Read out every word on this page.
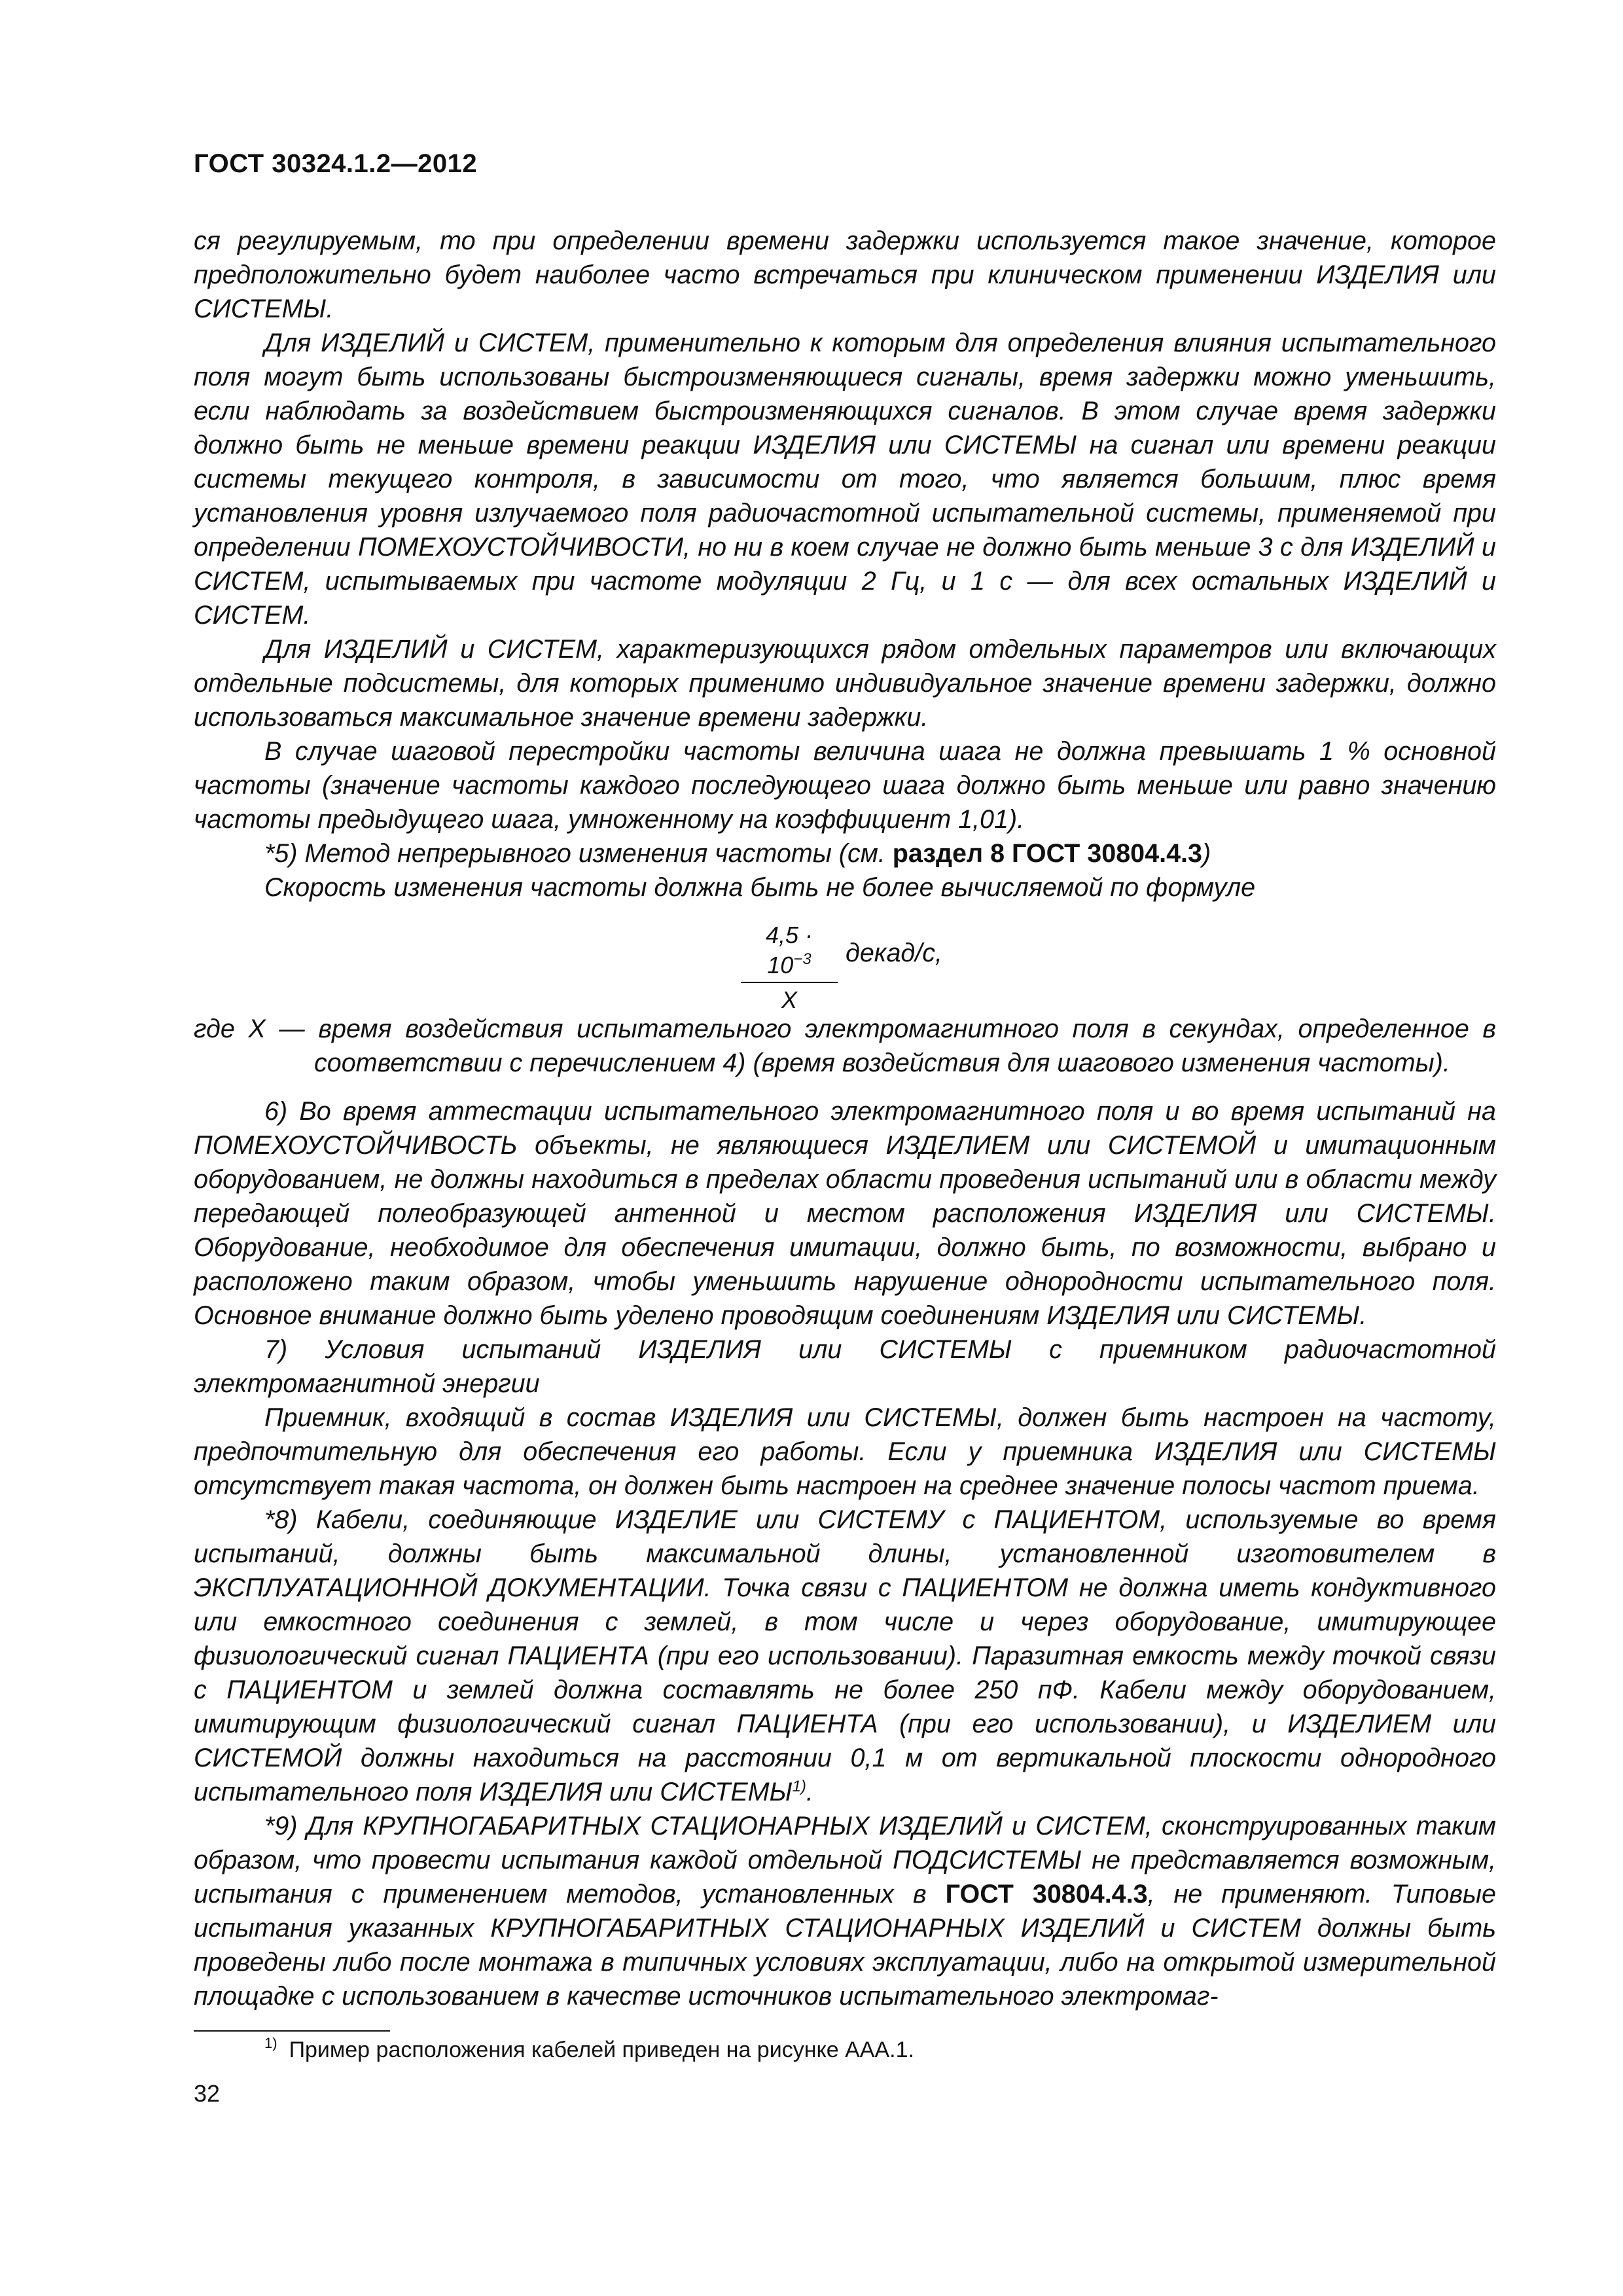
ГОСТ 30324.1.2—2012

ся регулируемым, то при определении времени задержки используется такое значение, которое предположительно будет наиболее часто встречаться при клиническом применении ИЗДЕЛИЯ или СИСТЕМЫ.

Для ИЗДЕЛИЙ и СИСТЕМ, применительно к которым для определения влияния испытательного поля могут быть использованы быстроизменяющиеся сигналы, время задержки можно уменьшить, если наблюдать за воздействием быстроизменяющихся сигналов. В этом случае время задержки должно быть не меньше времени реакции ИЗДЕЛИЯ или СИСТЕМЫ на сигнал или времени реакции системы текущего контроля, в зависимости от того, что является большим, плюс время установления уровня излучаемого поля радиочастотной испытательной системы, применяемой при определении ПОМЕХОУСТОЙЧИВОСТИ, но ни в коем случае не должно быть меньше 3 с для ИЗДЕЛИЙ и СИСТЕМ, испытываемых при частоте модуляции 2 Гц, и 1 с — для всех остальных ИЗДЕЛИЙ и СИСТЕМ.

Для ИЗДЕЛИЙ и СИСТЕМ, характеризующихся рядом отдельных параметров или включающих отдельные подсистемы, для которых применимо индивидуальное значение времени задержки, должно использоваться максимальное значение времени задержки.

В случае шаговой перестройки частоты величина шага не должна превышать 1 % основной частоты (значение частоты каждого последующего шага должно быть меньше или равно значению частоты предыдущего шага, умноженному на коэффициент 1,01).

*5) Метод непрерывного изменения частоты (см. раздел 8 ГОСТ 30804.4.3)

Скорость изменения частоты должна быть не более вычисляемой по формуле

$4,5 \cdot 10^{-3}$
X
декад/с,

где X — время воздействия испытательного электромагнитного поля в секундах, определенное в соответствии с перечислением 4) (время воздействия для шагового изменения частоты).

6) Во время аттестации испытательного электромагнитного поля и во время испытаний на ПОМЕХОУСТОЙЧИВОСТЬ объекты, не являющиеся ИЗДЕЛИЕМ или СИСТЕМОЙ и имитационным оборудованием, не должны находиться в пределах области проведения испытаний или в области между передающей полеобразующей антенной и местом расположения ИЗДЕЛИЯ или СИСТЕМЫ. Оборудование, необходимое для обеспечения имитации, должно быть, по возможности, выбрано и расположено таким образом, чтобы уменьшить нарушение однородности испытательного поля. Основное внимание должно быть уделено проводящим соединениям ИЗДЕЛИЯ или СИСТЕМЫ.

7) Условия испытаний ИЗДЕЛИЯ или СИСТЕМЫ с приемником радиочастотной электромагнитной энергии

Приемник, входящий в состав ИЗДЕЛИЯ или СИСТЕМЫ, должен быть настроен на частоту, предпочтительную для обеспечения его работы. Если у приемника ИЗДЕЛИЯ или СИСТЕМЫ отсутствует такая частота, он должен быть настроен на среднее значение полосы частот приема.

*8) Кабели, соединяющие ИЗДЕЛИЕ или СИСТЕМУ с ПАЦИЕНТОМ, используемые во время испытаний, должны быть максимальной длины, установленной изготовителем в ЭКСПЛУАТАЦИОННОЙ ДОКУМЕНТАЦИИ. Точка связи с ПАЦИЕНТОМ не должна иметь кондуктивного или емкостного соединения с землей, в том числе и через оборудование, имитирующее физиологический сигнал ПАЦИЕНТА (при его использовании). Паразитная емкость между точкой связи с ПАЦИЕНТОМ и землей должна составлять не более 250 пФ. Кабели между оборудованием, имитирующим физиологический сигнал ПАЦИЕНТА (при его использовании), и ИЗДЕЛИЕМ или СИСТЕМОЙ должны находиться на расстоянии 0,1 м от вертикальной плоскости однородного испытательного поля ИЗДЕЛИЯ или СИСТЕМЫ$^{1)}$.

*9) Для КРУПНОГАБАРИТНЫХ СТАЦИОНАРНЫХ ИЗДЕЛИЙ и СИСТЕМ, сконструированных таким образом, что провести испытания каждой отдельной ПОДСИСТЕМЫ не представляется возможным, испытания с применением методов, установленных в ГОСТ 30804.4.3, не применяют. Типовые испытания указанных КРУПНОГАБАРИТНЫХ СТАЦИОНАРНЫХ ИЗДЕЛИЙ и СИСТЕМ должны быть проведены либо после монтажа в типичных условиях эксплуатации, либо на открытой измерительной площадке с использованием в качестве источников испытательного электромаг-

$^{1)}$ Пример расположения кабелей приведен на рисунке ААА.1.
32
